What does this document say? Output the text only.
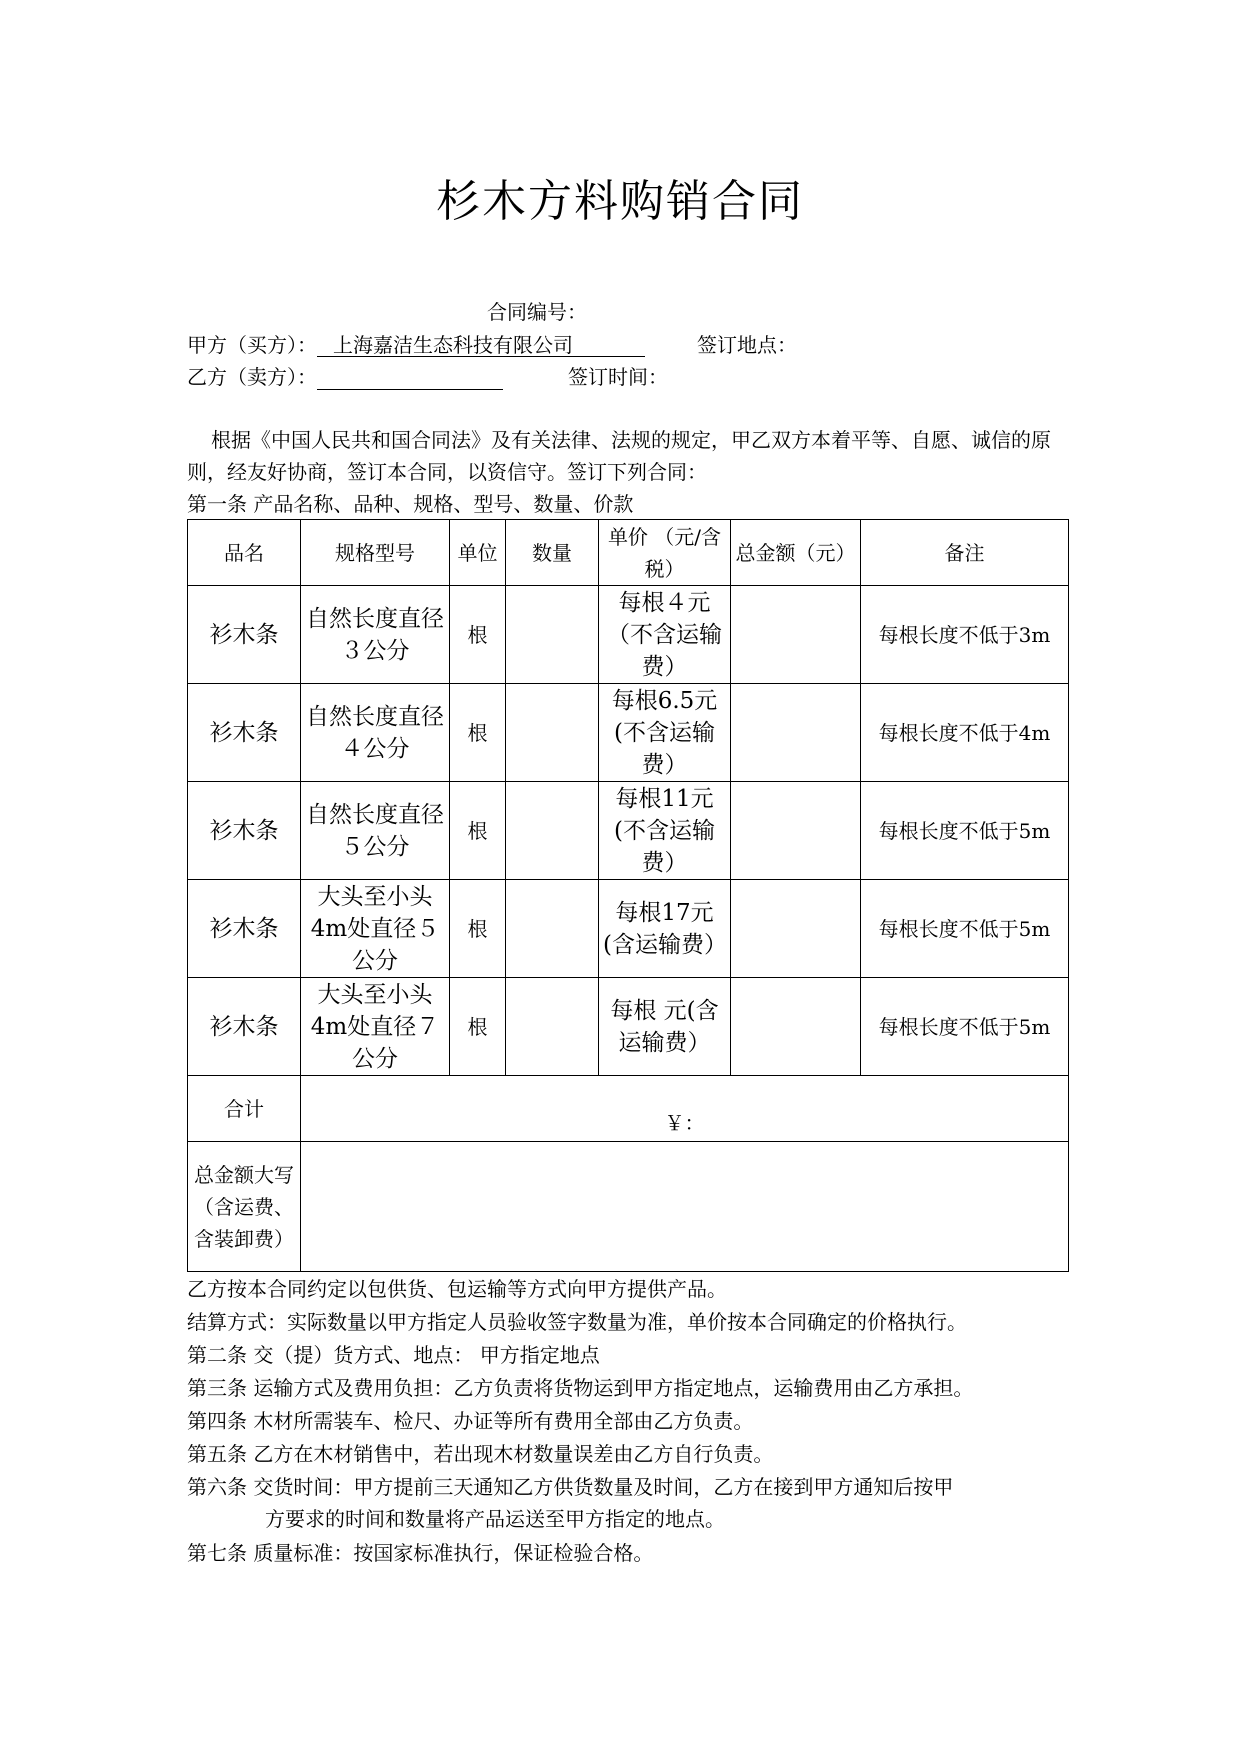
杉木方料购销合同
合同编号：
甲方（买方）： 上海嘉洁生态科技有限公司	签订地点：
乙方（卖方）：	签订时间：
根据《中国人民共和国合同法》及有关法律、法规的规定，甲乙双方本着平等、自愿、诚信的原则，经友好协商，签订本合同，以资信守。签订下列合同：
第一条 产品名称、品种、规格、型号、数量、价款
品名	规格型号	单位	数量	单价 （元/含税）	总金额（元）	备注
衫木条	自然长度直径３公分	根		每根４元（不含运输费）		每根长度不低于3m
衫木条	自然长度直径４公分	根		每根6.5元(不含运输费）		每根长度不低于4m
衫木条	自然长度直径５公分	根		每根11元(不含运输费）		每根长度不低于5m
衫木条	大头至小头4m处直径５公分	根		每根17元(含运输费）		每根长度不低于5m
衫木条	大头至小头4m处直径７公分	根		每根 元(含运输费）		每根长度不低于5m
合计	￥：					
总金额大写（含运费、含装卸费）						
乙方按本合同约定以包供货、包运输等方式向甲方提供产品。
结算方式：实际数量以甲方指定人员验收签字数量为准，单价按本合同确定的价格执行。
第二条 交（提）货方式、地点： 甲方指定地点
第三条 运输方式及费用负担：乙方负责将货物运到甲方指定地点，运输费用由乙方承担。
第四条 木材所需装车、检尺、办证等所有费用全部由乙方负责。
第五条 乙方在木材销售中，若出现木材数量误差由乙方自行负责。
第六条 交货时间：甲方提前三天通知乙方供货数量及时间，乙方在接到甲方通知后按甲
方要求的时间和数量将产品运送至甲方指定的地点。
第七条 质量标准：按国家标准执行，保证检验合格。
